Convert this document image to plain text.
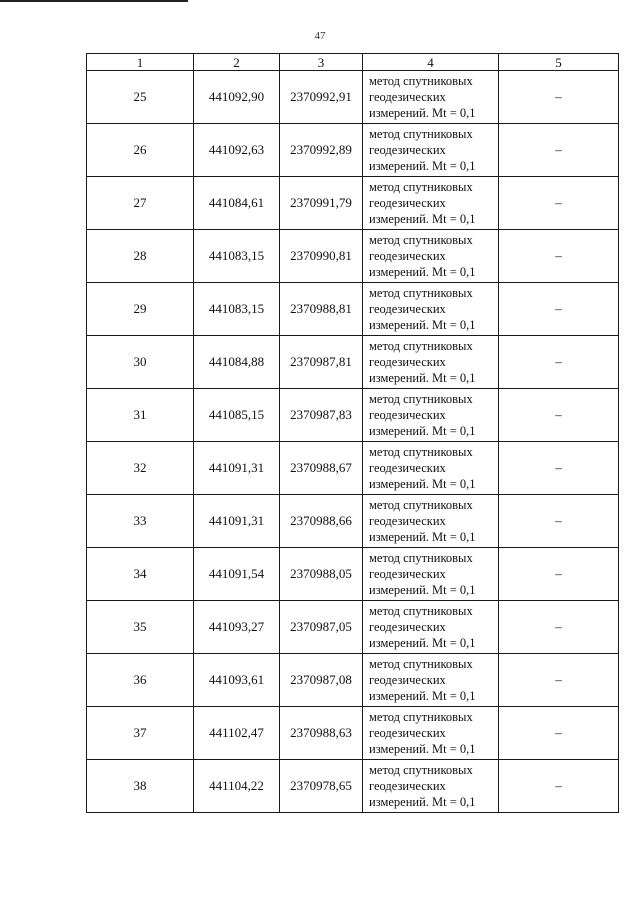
47
1	2	3	4	5
25	441092,90	2370992,91	метод спутниковых
геодезических
измерений. Mt = 0,1	–
26	441092,63	2370992,89	метод спутниковых
геодезических
измерений. Mt = 0,1	–
27	441084,61	2370991,79	метод спутниковых
геодезических
измерений. Mt = 0,1	–
28	441083,15	2370990,81	метод спутниковых
геодезических
измерений. Mt = 0,1	–
29	441083,15	2370988,81	метод спутниковых
геодезических
измерений. Mt = 0,1	–
30	441084,88	2370987,81	метод спутниковых
геодезических
измерений. Mt = 0,1	–
31	441085,15	2370987,83	метод спутниковых
геодезических
измерений. Mt = 0,1	–
32	441091,31	2370988,67	метод спутниковых
геодезических
измерений. Mt = 0,1	–
33	441091,31	2370988,66	метод спутниковых
геодезических
измерений. Mt = 0,1	–
34	441091,54	2370988,05	метод спутниковых
геодезических
измерений. Mt = 0,1	–
35	441093,27	2370987,05	метод спутниковых
геодезических
измерений. Mt = 0,1	–
36	441093,61	2370987,08	метод спутниковых
геодезических
измерений. Mt = 0,1	–
37	441102,47	2370988,63	метод спутниковых
геодезических
измерений. Mt = 0,1	–
38	441104,22	2370978,65	метод спутниковых
геодезических
измерений. Mt = 0,1	–
